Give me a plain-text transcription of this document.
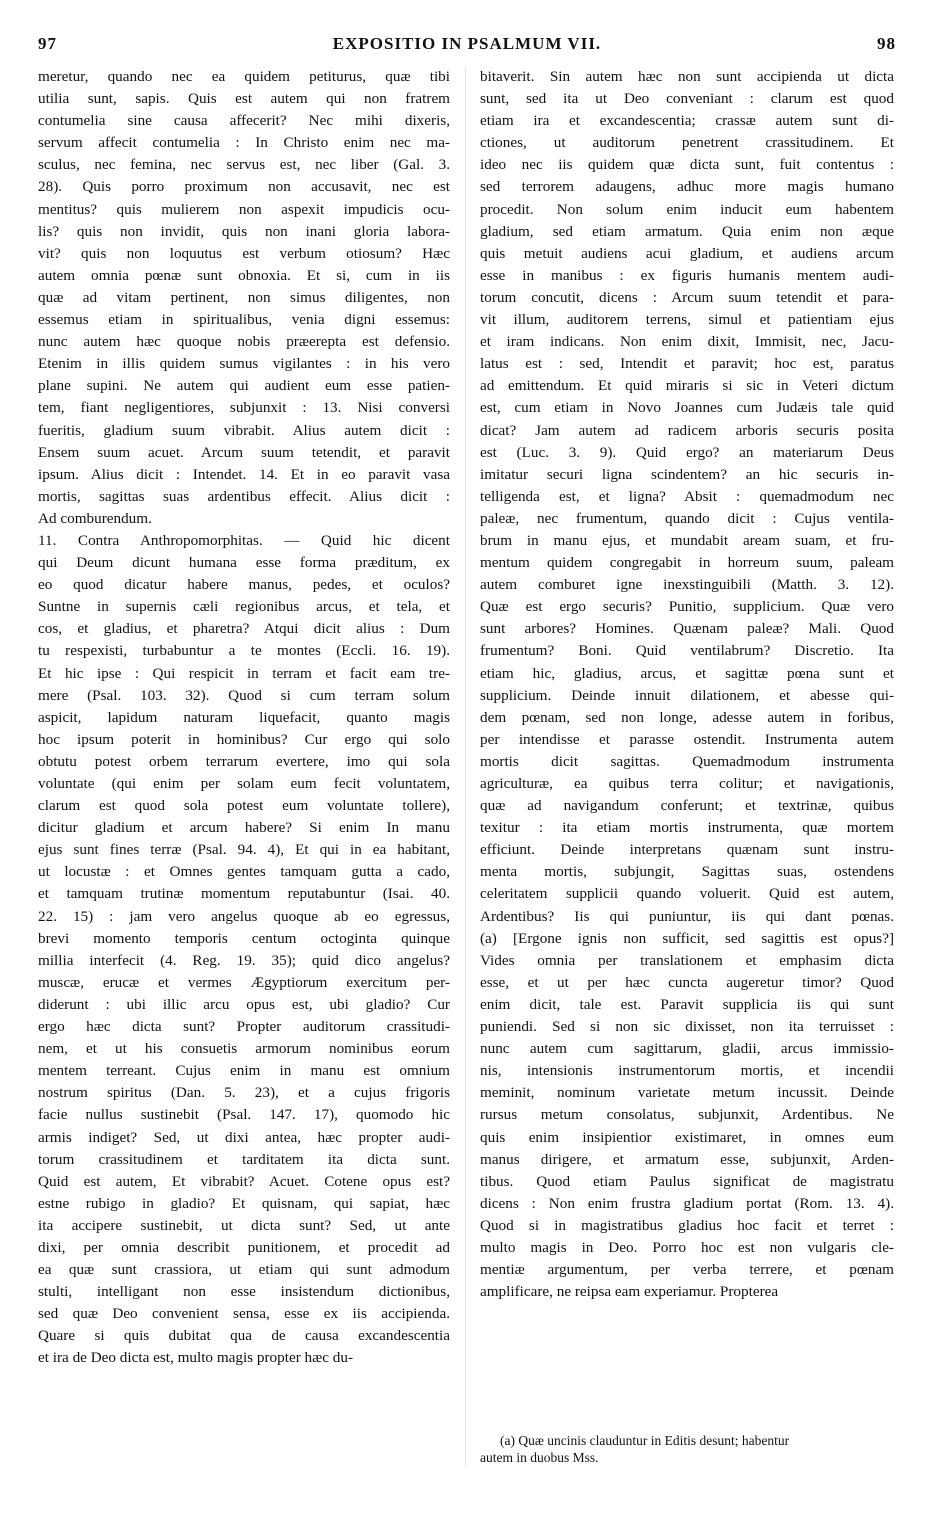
97	EXPOSITIO IN PSALMUM VII.	98
meretur, quando nec ea quidem petiturus, quæ tibi
utilia sunt, sapis. Quis est autem qui non fratrem
contumelia sine causa affecerit? Nec mihi dixeris,
servum affecit contumelia : In Christo enim nec ma-
sculus, nec femina, nec servus est, nec liber (Gal. 3.
28). Quis porro proximum non accusavit, nec est
mentitus? quis mulierem non aspexit impudicis ocu-
lis? quis non invidit, quis non inani gloria labora-
vit? quis non loquutus est verbum otiosum? Hæc
autem omnia pœnæ sunt obnoxia. Et si, cum in iis
quæ ad vitam pertinent, non simus diligentes, non
essemus etiam in spiritualibus, venia digni essemus:
nunc autem hæc quoque nobis præerepta est defensio.
Etenim in illis quidem sumus vigilantes : in his vero
plane supini. Ne autem qui audient eum esse patien-
tem, fiant negligentiores, subjunxit : 13. Nisi conversi
fueritis, gladium suum vibrabit. Alius autem dicit :
Ensem suum acuet. Arcum suum tetendit, et paravit
ipsum. Alius dicit : Intendet. 14. Et in eo paravit vasa
mortis, sagittas suas ardentibus effecit. Alius dicit :
Ad comburendum.
11. Contra Anthropomorphitas. — Quid hic dicent
qui Deum dicunt humana esse forma præditum, ex
eo quod dicatur habere manus, pedes, et oculos?
Suntne in supernis cæli regionibus arcus, et tela, et
cos, et gladius, et pharetra? Atqui dicit alius : Dum
tu respexisti, turbabuntur a te montes (Eccli. 16. 19).
Et hic ipse : Qui respicit in terram et facit eam tre-
mere (Psal. 103. 32). Quod si cum terram solum
aspicit, lapidum naturam liquefacit, quanto magis
hoc ipsum poterit in hominibus? Cur ergo qui solo
obtutu potest orbem terrarum evertere, imo qui sola
voluntate (qui enim per solam eum fecit voluntatem,
clarum est quod sola potest eum voluntate tollere),
dicitur gladium et arcum habere? Si enim In manu
ejus sunt fines terræ (Psal. 94. 4), Et qui in ea habitant,
ut locustæ : et Omnes gentes tamquam gutta a cado,
et tamquam trutinæ momentum reputabuntur (Isai. 40.
22. 15) : jam vero angelus quoque ab eo egressus,
brevi momento temporis centum octoginta quinque
millia interfecit (4. Reg. 19. 35); quid dico angelus?
muscæ, erucæ et vermes Ægyptiorum exercitum per-
diderunt : ubi illic arcu opus est, ubi gladio? Cur
ergo hæc dicta sunt? Propter auditorum crassitudi-
nem, et ut his consuetis armorum nominibus eorum
mentem terreant. Cujus enim in manu est omnium
nostrum spiritus (Dan. 5. 23), et a cujus frigoris
facie nullus sustinebit (Psal. 147. 17), quomodo hic
armis indiget? Sed, ut dixi antea, hæc propter audi-
torum crassitudinem et tarditatem ita dicta sunt.
Quid est autem, Et vibrabit? Acuet. Cotene opus est?
estne rubigo in gladio? Et quisnam, qui sapiat, hæc
ita accipere sustinebit, ut dicta sunt? Sed, ut ante
dixi, per omnia describit punitionem, et procedit ad
ea quæ sunt crassiora, ut etiam qui sunt admodum
stulti, intelligant non esse insistendum dictionibus,
sed quæ Deo convenient sensa, esse ex iis accipienda.
Quare si quis dubitat qua de causa excandescentia
et ira de Deo dicta est, multo magis propter hæc du-
bitaverit. Sin autem hæc non sunt accipienda ut dicta
sunt, sed ita ut Deo conveniant : clarum est quod
etiam ira et excandescentia; crassæ autem sunt di-
ctiones, ut auditorum penetrent crassitudinem. Et
ideo nec iis quidem quæ dicta sunt, fuit contentus :
sed terrorem adaugens, adhuc more magis humano
procedit. Non solum enim inducit eum habentem
gladium, sed etiam armatum. Quia enim non æque
quis metuit audiens acui gladium, et audiens arcum
esse in manibus : ex figuris humanis mentem audi-
torum concutit, dicens : Arcum suum tetendit et para-
vit illum, auditorem terrens, simul et patientiam ejus
et iram indicans. Non enim dixit, Immisit, nec, Jacu-
latus est : sed, Intendit et paravit; hoc est, paratus
ad emittendum. Et quid miraris si sic in Veteri dictum
est, cum etiam in Novo Joannes cum Judæis tale quid
dicat? Jam autem ad radicem arboris securis posita
est (Luc. 3. 9). Quid ergo? an materiarum Deus
imitatur securi ligna scindentem? an hic securis in-
telligenda est, et ligna? Absit : quemadmodum nec
paleæ, nec frumentum, quando dicit : Cujus ventila-
brum in manu ejus, et mundabit aream suam, et fru-
mentum quidem congregabit in horreum suum, paleam
autem comburet igne inexstinguibili (Matth. 3. 12).
Quæ est ergo securis? Punitio, supplicium. Quæ vero
sunt arbores? Homines. Quænam paleæ? Mali. Quod
frumentum? Boni. Quid ventilabrum? Discretio. Ita
etiam hic, gladius, arcus, et sagittæ pœna sunt et
supplicium. Deinde innuit dilationem, et abesse qui-
dem pœnam, sed non longe, adesse autem in foribus,
per intendisse et parasse ostendit. Instrumenta autem
mortis dicit sagittas. Quemadmodum instrumenta
agriculturæ, ea quibus terra colitur; et navigationis,
quæ ad navigandum conferunt; et textrinæ, quibus
texitur : ita etiam mortis instrumenta, quæ mortem
efficiunt. Deinde interpretans quænam sunt instru-
menta mortis, subjungit, Sagittas suas, ostendens
celeritatem supplicii quando voluerit. Quid est autem,
Ardentibus? Iis qui puniuntur, iis qui dant pœnas.
(a) [Ergone ignis non sufficit, sed sagittis est opus?]
Vides omnia per translationem et emphasim dicta
esse, et ut per hæc cuncta augeretur timor? Quod
enim dicit, tale est. Paravit supplicia iis qui sunt
puniendi. Sed si non sic dixisset, non ita terruisset :
nunc autem cum sagittarum, gladii, arcus immissio-
nis, intensionis instrumentorum mortis, et incendii
meminit, nominum varietate metum incussit. Deinde
rursus metum consolatus, subjunxit, Ardentibus. Ne
quis enim insipientior existimaret, in omnes eum
manus dirigere, et armatum esse, subjunxit, Arden-
tibus. Quod etiam Paulus significat de magistratu
dicens : Non enim frustra gladium portat (Rom. 13. 4).
Quod si in magistratibus gladius hoc facit et terret :
multo magis in Deo. Porro hoc est non vulgaris cle-
mentiæ argumentum, per verba terrere, et pœnam
amplificare, ne reipsa eam experiamur. Propterea
(a) Quæ uncinis clauduntur in Editis desunt; habentur
autem in duobus Mss.
